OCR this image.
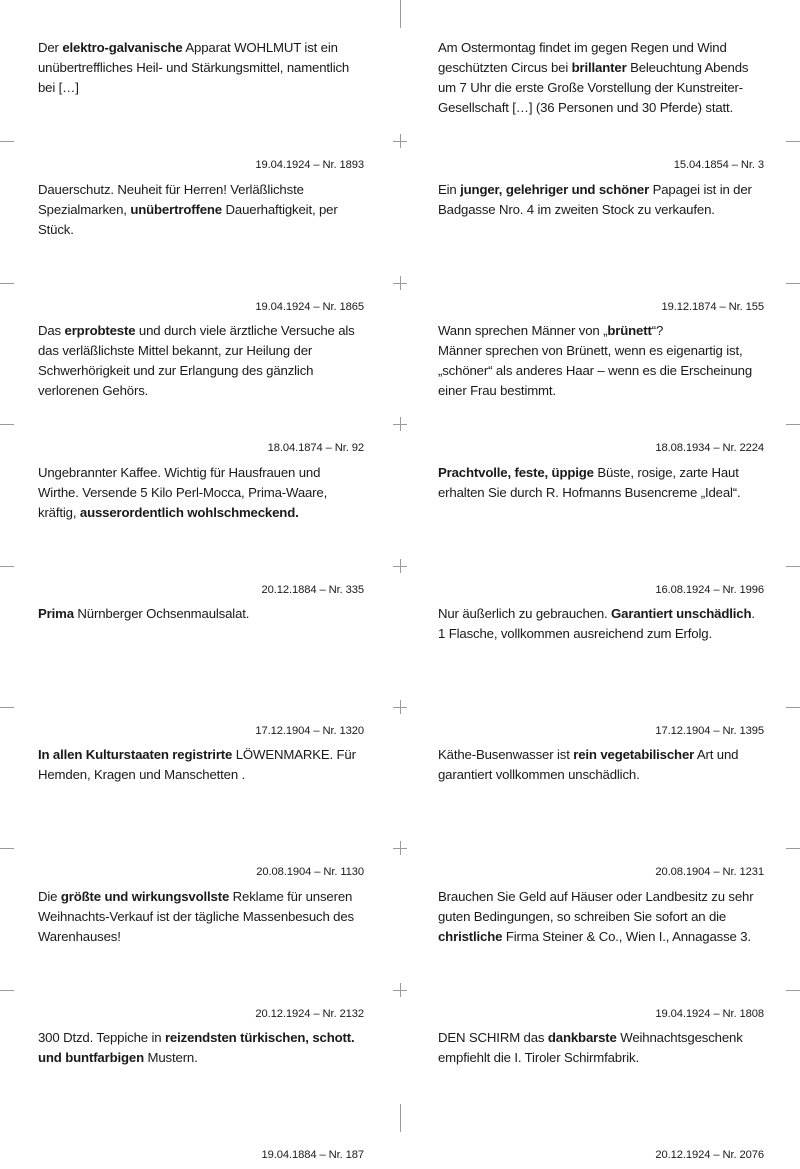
Der elektro-galvanische Apparat WOHLMUT ist ein unübertreffliches Heil- und Stärkungsmittel, namentlich bei […]
19.04.1924 – Nr. 1893
Am Ostermontag findet im gegen Regen und Wind geschützten Circus bei brillanter Beleuchtung Abends um 7 Uhr die erste Große Vorstellung der Kunstreiter-Gesellschaft […] (36 Personen und 30 Pferde) statt.
15.04.1854 – Nr. 3
Dauerschutz. Neuheit für Herren! Verläßlichste Spezialmarken, unübertroffene Dauerhaftigkeit, per Stück.
19.04.1924 – Nr. 1865
Ein junger, gelehriger und schöner Papagei ist in der Badgasse Nro. 4 im zweiten Stock zu verkaufen.
19.12.1874 – Nr. 155
Das erprobteste und durch viele ärztliche Versuche als das verläßlichste Mittel bekannt, zur Heilung der Schwerhörigkeit und zur Erlangung des gänzlich verlorenen Gehörs.
18.04.1874 – Nr. 92
Wann sprechen Männer von „brünett“?
Männer sprechen von Brünett, wenn es eigenartig ist, „schöner“ als anderes Haar – wenn es die Erscheinung einer Frau bestimmt.
18.08.1934 – Nr. 2224
Ungebrannter Kaffee. Wichtig für Hausfrauen und Wirthe. Versende 5 Kilo Perl-Mocca, Prima-Waare, kräftig, ausserordentlich wohlschmeckend.
20.12.1884 – Nr. 335
Prachtvolle, feste, üppige Büste, rosige, zarte Haut erhalten Sie durch R. Hofmanns Busencreme „Ideal“.
16.08.1924 – Nr. 1996
Prima Nürnberger Ochsenmaulsalat.
17.12.1904 – Nr. 1320
Nur äußerlich zu gebrauchen. Garantiert unschädlich. 1 Flasche, vollkommen ausreichend zum Erfolg.
17.12.1904 – Nr. 1395
In allen Kulturstaaten registrirte LÖWENMARKE. Für Hemden, Kragen und Manschetten .
20.08.1904 – Nr. 1130
Käthe-Busenwasser ist rein vegetabilischer Art und garantiert vollkommen unschädlich.
20.08.1904 – Nr. 1231
Die größte und wirkungsvollste Reklame für unseren Weihnachts-Verkauf ist der tägliche Massenbesuch des Warenhauses!
20.12.1924 – Nr. 2132
Brauchen Sie Geld auf Häuser oder Landbesitz zu sehr guten Bedingungen, so schreiben Sie sofort an die christliche Firma Steiner & Co., Wien I., Annagasse 3.
19.04.1924 – Nr. 1808
300 Dtzd. Teppiche in reizendsten türkischen, schott. und buntfarbigen Mustern.
19.04.1884 – Nr. 187
DEN SCHIRM das dankbarste Weihnachtsgeschenk empfiehlt die I. Tiroler Schirmfabrik.
20.12.1924 – Nr. 2076
